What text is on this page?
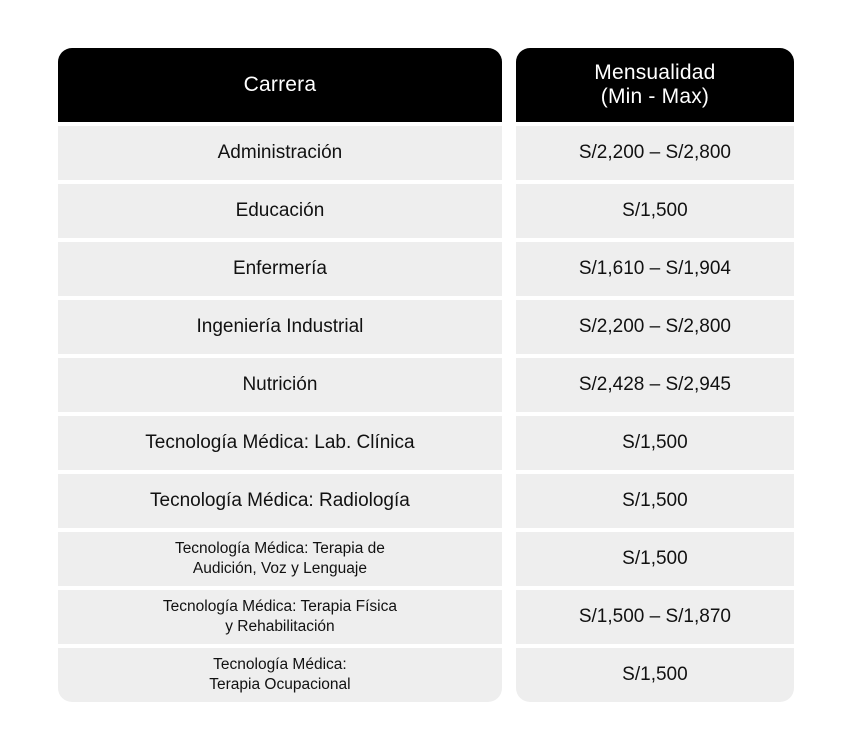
Carrera
Administración
Educación
Enfermería
Ingeniería Industrial
Nutrición
Tecnología Médica: Lab. Clínica
Tecnología Médica: Radiología
Tecnología Médica: Terapia de
Audición, Voz y Lenguaje
Tecnología Médica: Terapia Física
y Rehabilitación
Tecnología Médica:
Terapia Ocupacional
Mensualidad
(Min - Max)
S/2,200 – S/2,800
S/1,500
S/1,610 – S/1,904
S/2,200 – S/2,800
S/2,428 – S/2,945
S/1,500
S/1,500
S/1,500
S/1,500 – S/1,870
S/1,500
